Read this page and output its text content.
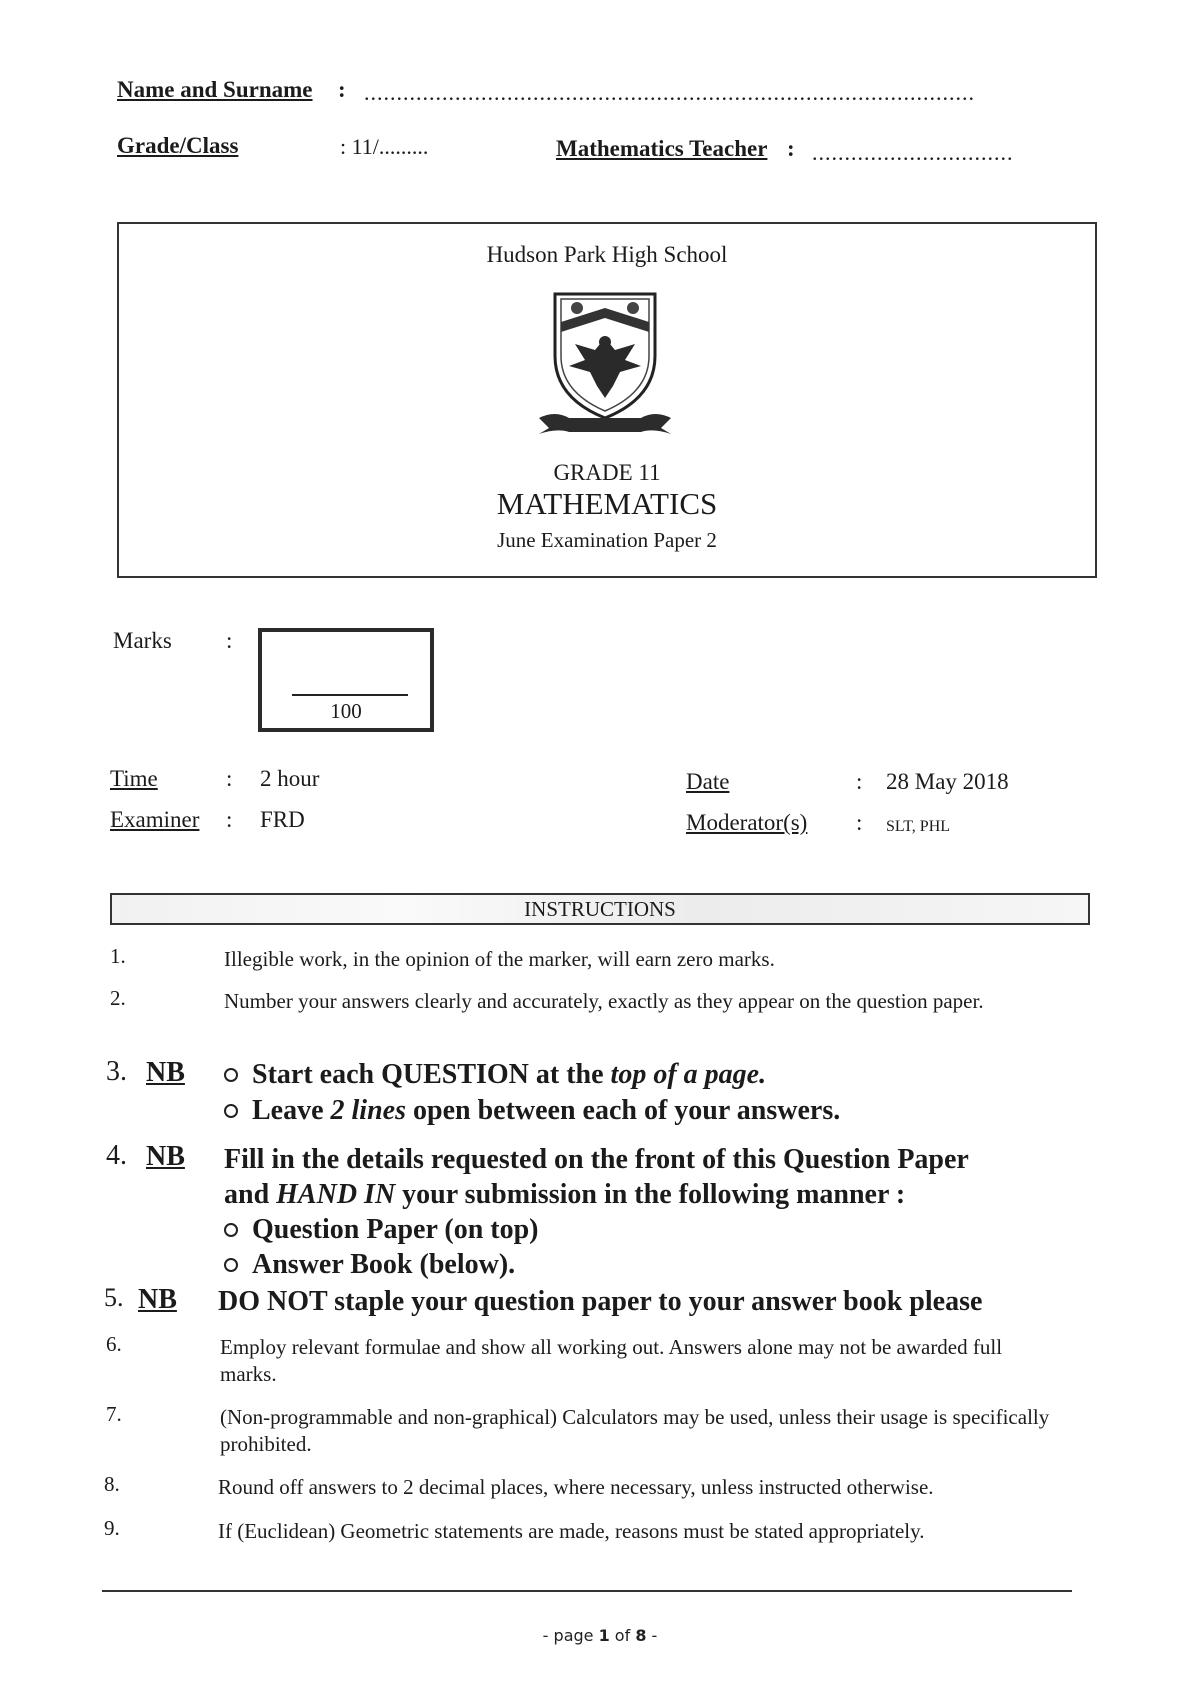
Name and Surname : ..............................................................................................
Grade/Class	: 11/.........	Mathematics Teacher : ...............................
Hudson Park High School
GRADE 11
MATHEMATICS
June Examination Paper 2
Marks :
100
Time	: 2 hour
Examiner : FRD
Date	: 28 May 2018
Moderator(s) : SLT, PHL
INSTRUCTIONS
1.	Illegible work, in the opinion of the marker, will earn zero marks.
2.	Number your answers clearly and accurately, exactly as they appear on the question paper.
3. NB	Start each QUESTION at the top of a page.
Leave 2 lines open between each of your answers.
4. NB Fill in the details requested on the front of this Question Paper
and HAND IN your submission in the following manner :
Question Paper (on top)
Answer Book (below).
5. NB DO NOT staple your question paper to your answer book please
6.	Employ relevant formulae and show all working out. Answers alone may not be awarded full marks.
7.	(Non-programmable and non-graphical) Calculators may be used, unless their usage is specifically prohibited.
8.	Round off answers to 2 decimal places, where necessary, unless instructed otherwise.
9.	If (Euclidean) Geometric statements are made, reasons must be stated appropriately.
- page 1 of 8 -
